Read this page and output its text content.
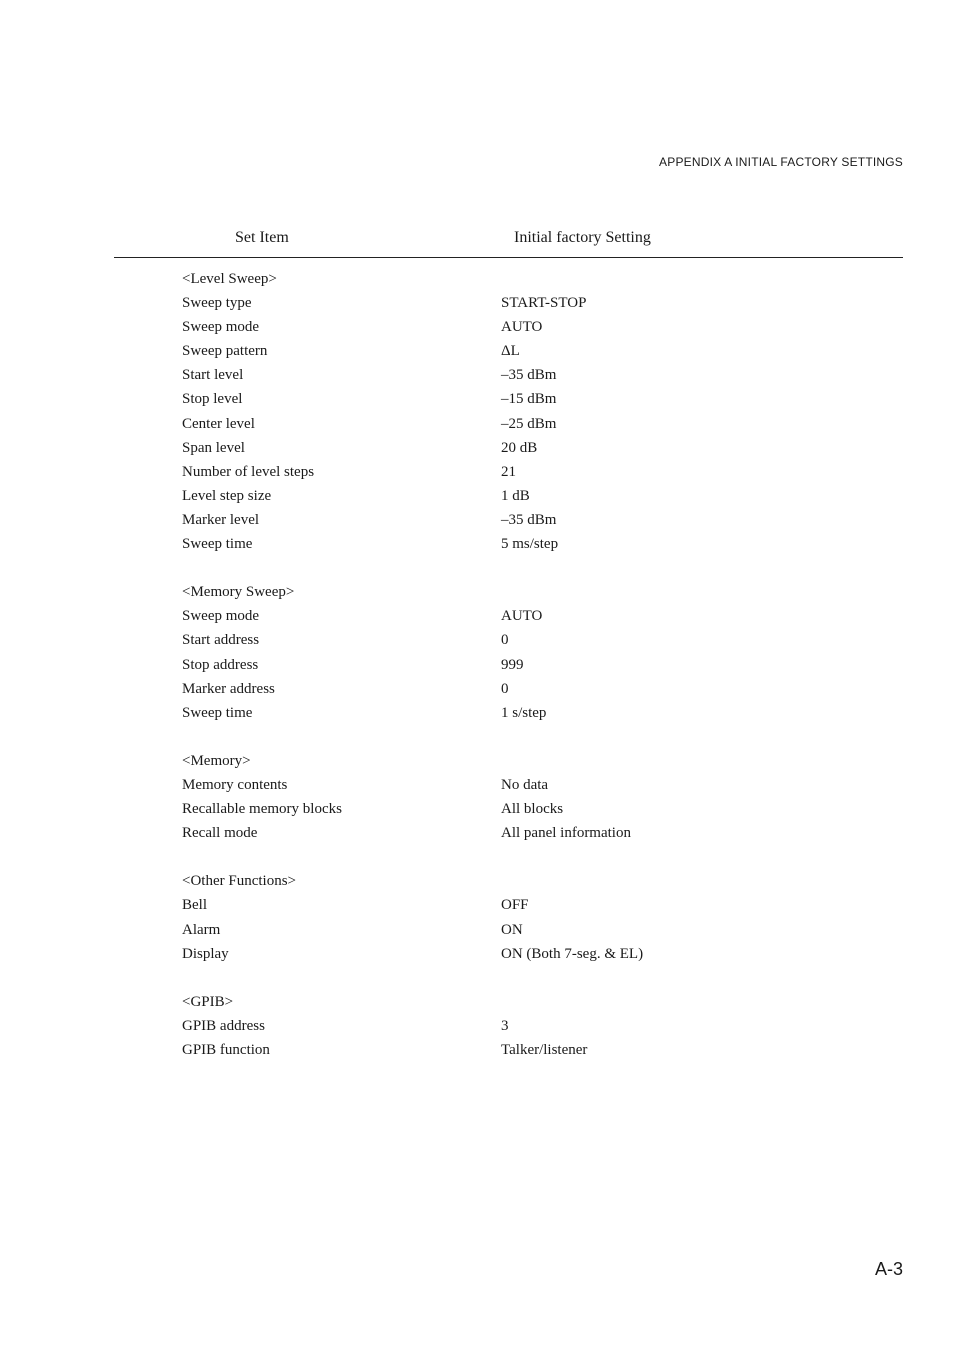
APPENDIX A INITIAL FACTORY SETTINGS
Set Item	Initial factory Setting
<Level Sweep>
Sweep type	START-STOP
Sweep mode	AUTO
Sweep pattern	ΔL
Start level	–35 dBm
Stop level	–15 dBm
Center level	–25 dBm
Span level	20 dB
Number of level steps	21
Level step size	1 dB
Marker level	–35 dBm
Sweep time	5 ms/step
<Memory Sweep>
Sweep mode	AUTO
Start address	0
Stop address	999
Marker address	0
Sweep time	1 s/step
<Memory>
Memory contents	No data
Recallable memory blocks	All blocks
Recall mode	All panel information
<Other Functions>
Bell	OFF
Alarm	ON
Display	ON (Both 7-seg. & EL)
<GPIB>
GPIB address	3
GPIB function	Talker/listener
A-3
